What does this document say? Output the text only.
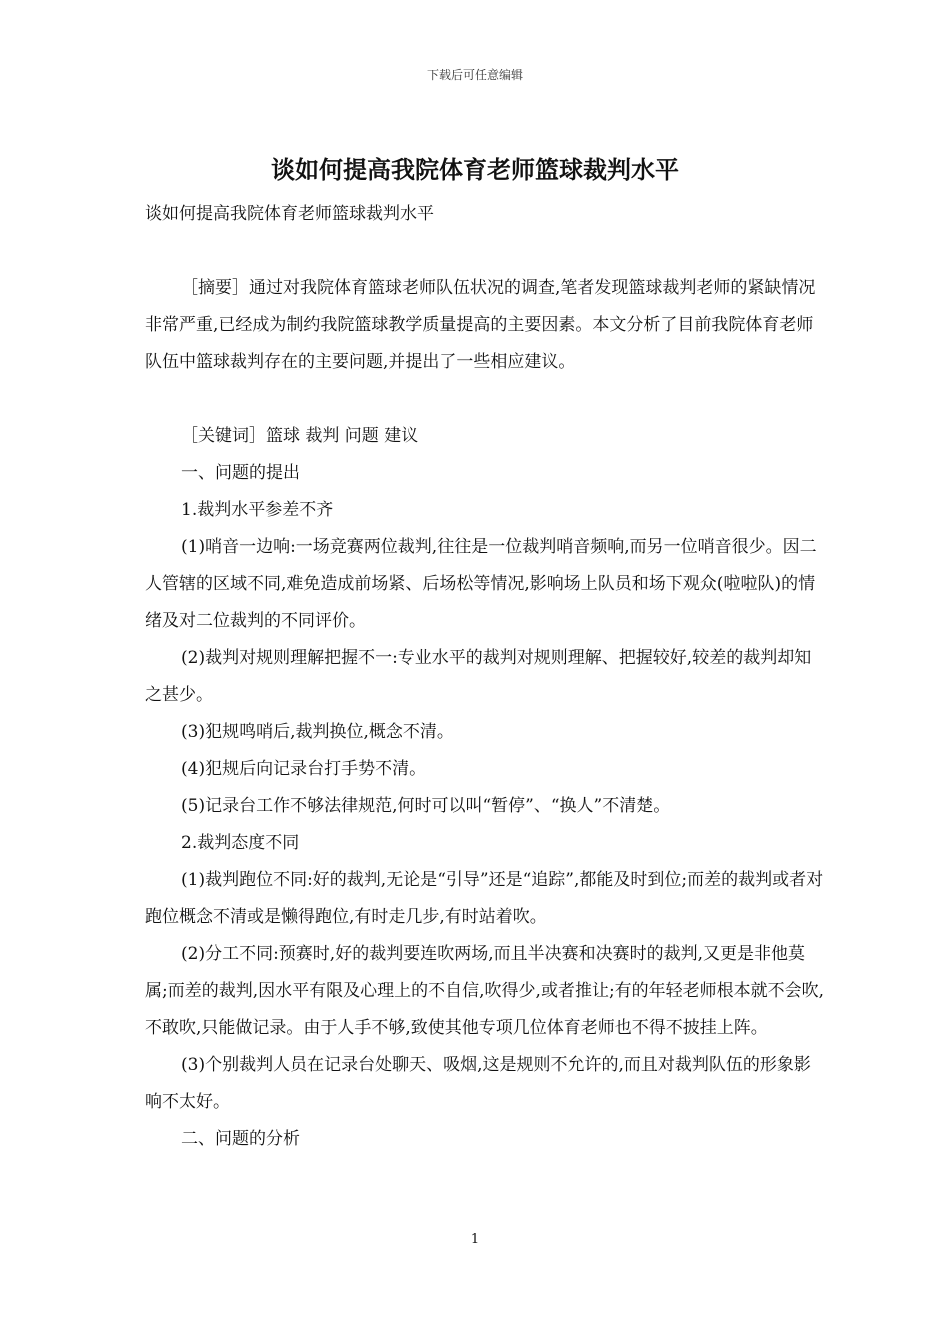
下载后可任意编辑
谈如何提高我院体育老师篮球裁判水平

谈如何提高我院体育老师篮球裁判水平

［摘要］通过对我院体育篮球老师队伍状况的调查,笔者发现篮球裁判老师的紧缺情况非常严重,已经成为制约我院篮球教学质量提高的主要因素。本文分析了目前我院体育老师队伍中篮球裁判存在的主要问题,并提出了一些相应建议。

［关键词］篮球 裁判 问题 建议

一、问题的提出

1.裁判水平参差不齐

(1)哨音一边响:一场竞赛两位裁判,往往是一位裁判哨音频响,而另一位哨音很少。因二人管辖的区域不同,难免造成前场紧、后场松等情况,影响场上队员和场下观众(啦啦队)的情绪及对二位裁判的不同评价。

(2)裁判对规则理解把握不一:专业水平的裁判对规则理解、把握较好,较差的裁判却知之甚少。

(3)犯规鸣哨后,裁判换位,概念不清。

(4)犯规后向记录台打手势不清。

(5)记录台工作不够法律规范,何时可以叫“暂停”、“换人”不清楚。

2.裁判态度不同

(1)裁判跑位不同:好的裁判,无论是“引导”还是“追踪”,都能及时到位;而差的裁判或者对跑位概念不清或是懒得跑位,有时走几步,有时站着吹。

(2)分工不同:预赛时,好的裁判要连吹两场,而且半决赛和决赛时的裁判,又更是非他莫属;而差的裁判,因水平有限及心理上的不自信,吹得少,或者推让;有的年轻老师根本就不会吹,不敢吹,只能做记录。由于人手不够,致使其他专项几位体育老师也不得不披挂上阵。

(3)个别裁判人员在记录台处聊天、吸烟,这是规则不允许的,而且对裁判队伍的形象影响不太好。

二、问题的分析

1
